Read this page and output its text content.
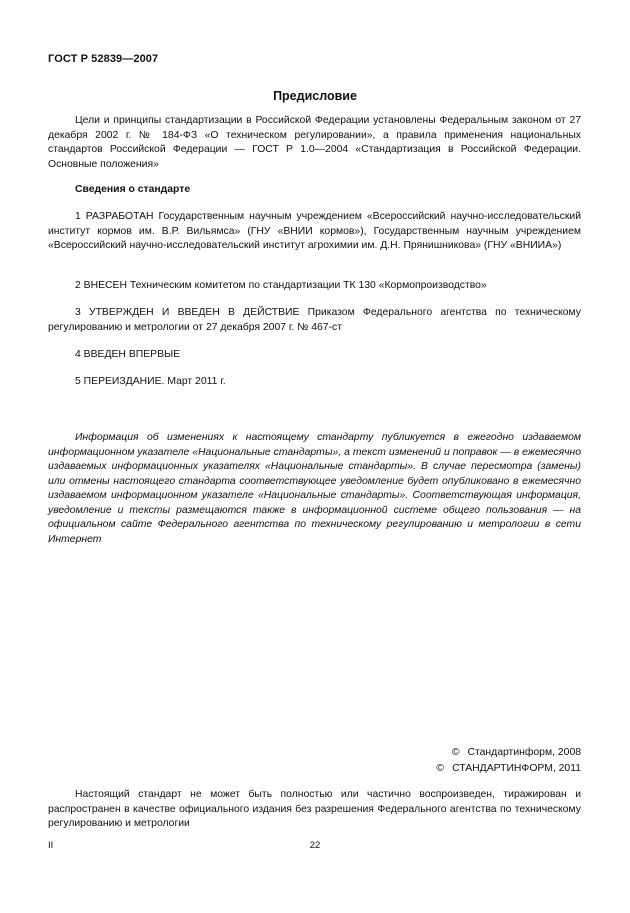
ГОСТ Р 52839—2007
Предисловие

Цели и принципы стандартизации в Российской Федерации установлены Федеральным законом от 27 декабря 2002 г. № 184-ФЗ «О техническом регулировании», а правила применения национальных стандартов Российской Федерации — ГОСТ Р 1.0—2004 «Стандартизация в Российской Федерации. Основные положения»

Сведения о стандарте

1 РАЗРАБОТАН Государственным научным учреждением «Всероссийский научно-исследовательский институт кормов им. В.Р. Вильямса» (ГНУ «ВНИИ кормов»), Государственным научным учреждением «Всероссийский научно-исследовательский институт агрохимии им. Д.Н. Прянишникова» (ГНУ «ВНИИА»)

2 ВНЕСЕН Техническим комитетом по стандартизации ТК 130 «Кормопроизводство»

3 УТВЕРЖДЕН И ВВЕДЕН В ДЕЙСТВИЕ Приказом Федерального агентства по техническому регулированию и метрологии от 27 декабря 2007 г. № 467-ст

4 ВВЕДЕН ВПЕРВЫЕ

5 ПЕРЕИЗДАНИЕ. Март 2011 г.

Информация об изменениях к настоящему стандарту публикуется в ежегодно издаваемом информационном указателе «Национальные стандарты», а текст изменений и поправок — в ежемесячно издаваемых информационных указателях «Национальные стандарты». В случае пересмотра (замены) или отмены настоящего стандарта соответствующее уведомление будет опубликовано в ежемесячно издаваемом информационном указателе «Национальные стандарты». Соответствующая информация, уведомление и тексты размещаются также в информационной системе общего пользования — на официальном сайте Федерального агентства по техническому регулированию и метрологии в сети Интернет

© Стандартинформ, 2008
© СТАНДАРТИНФОРМ, 2011

Настоящий стандарт не может быть полностью или частично воспроизведен, тиражирован и распространен в качестве официального издания без разрешения Федерального агентства по техническому регулированию и метрологии

II	22
